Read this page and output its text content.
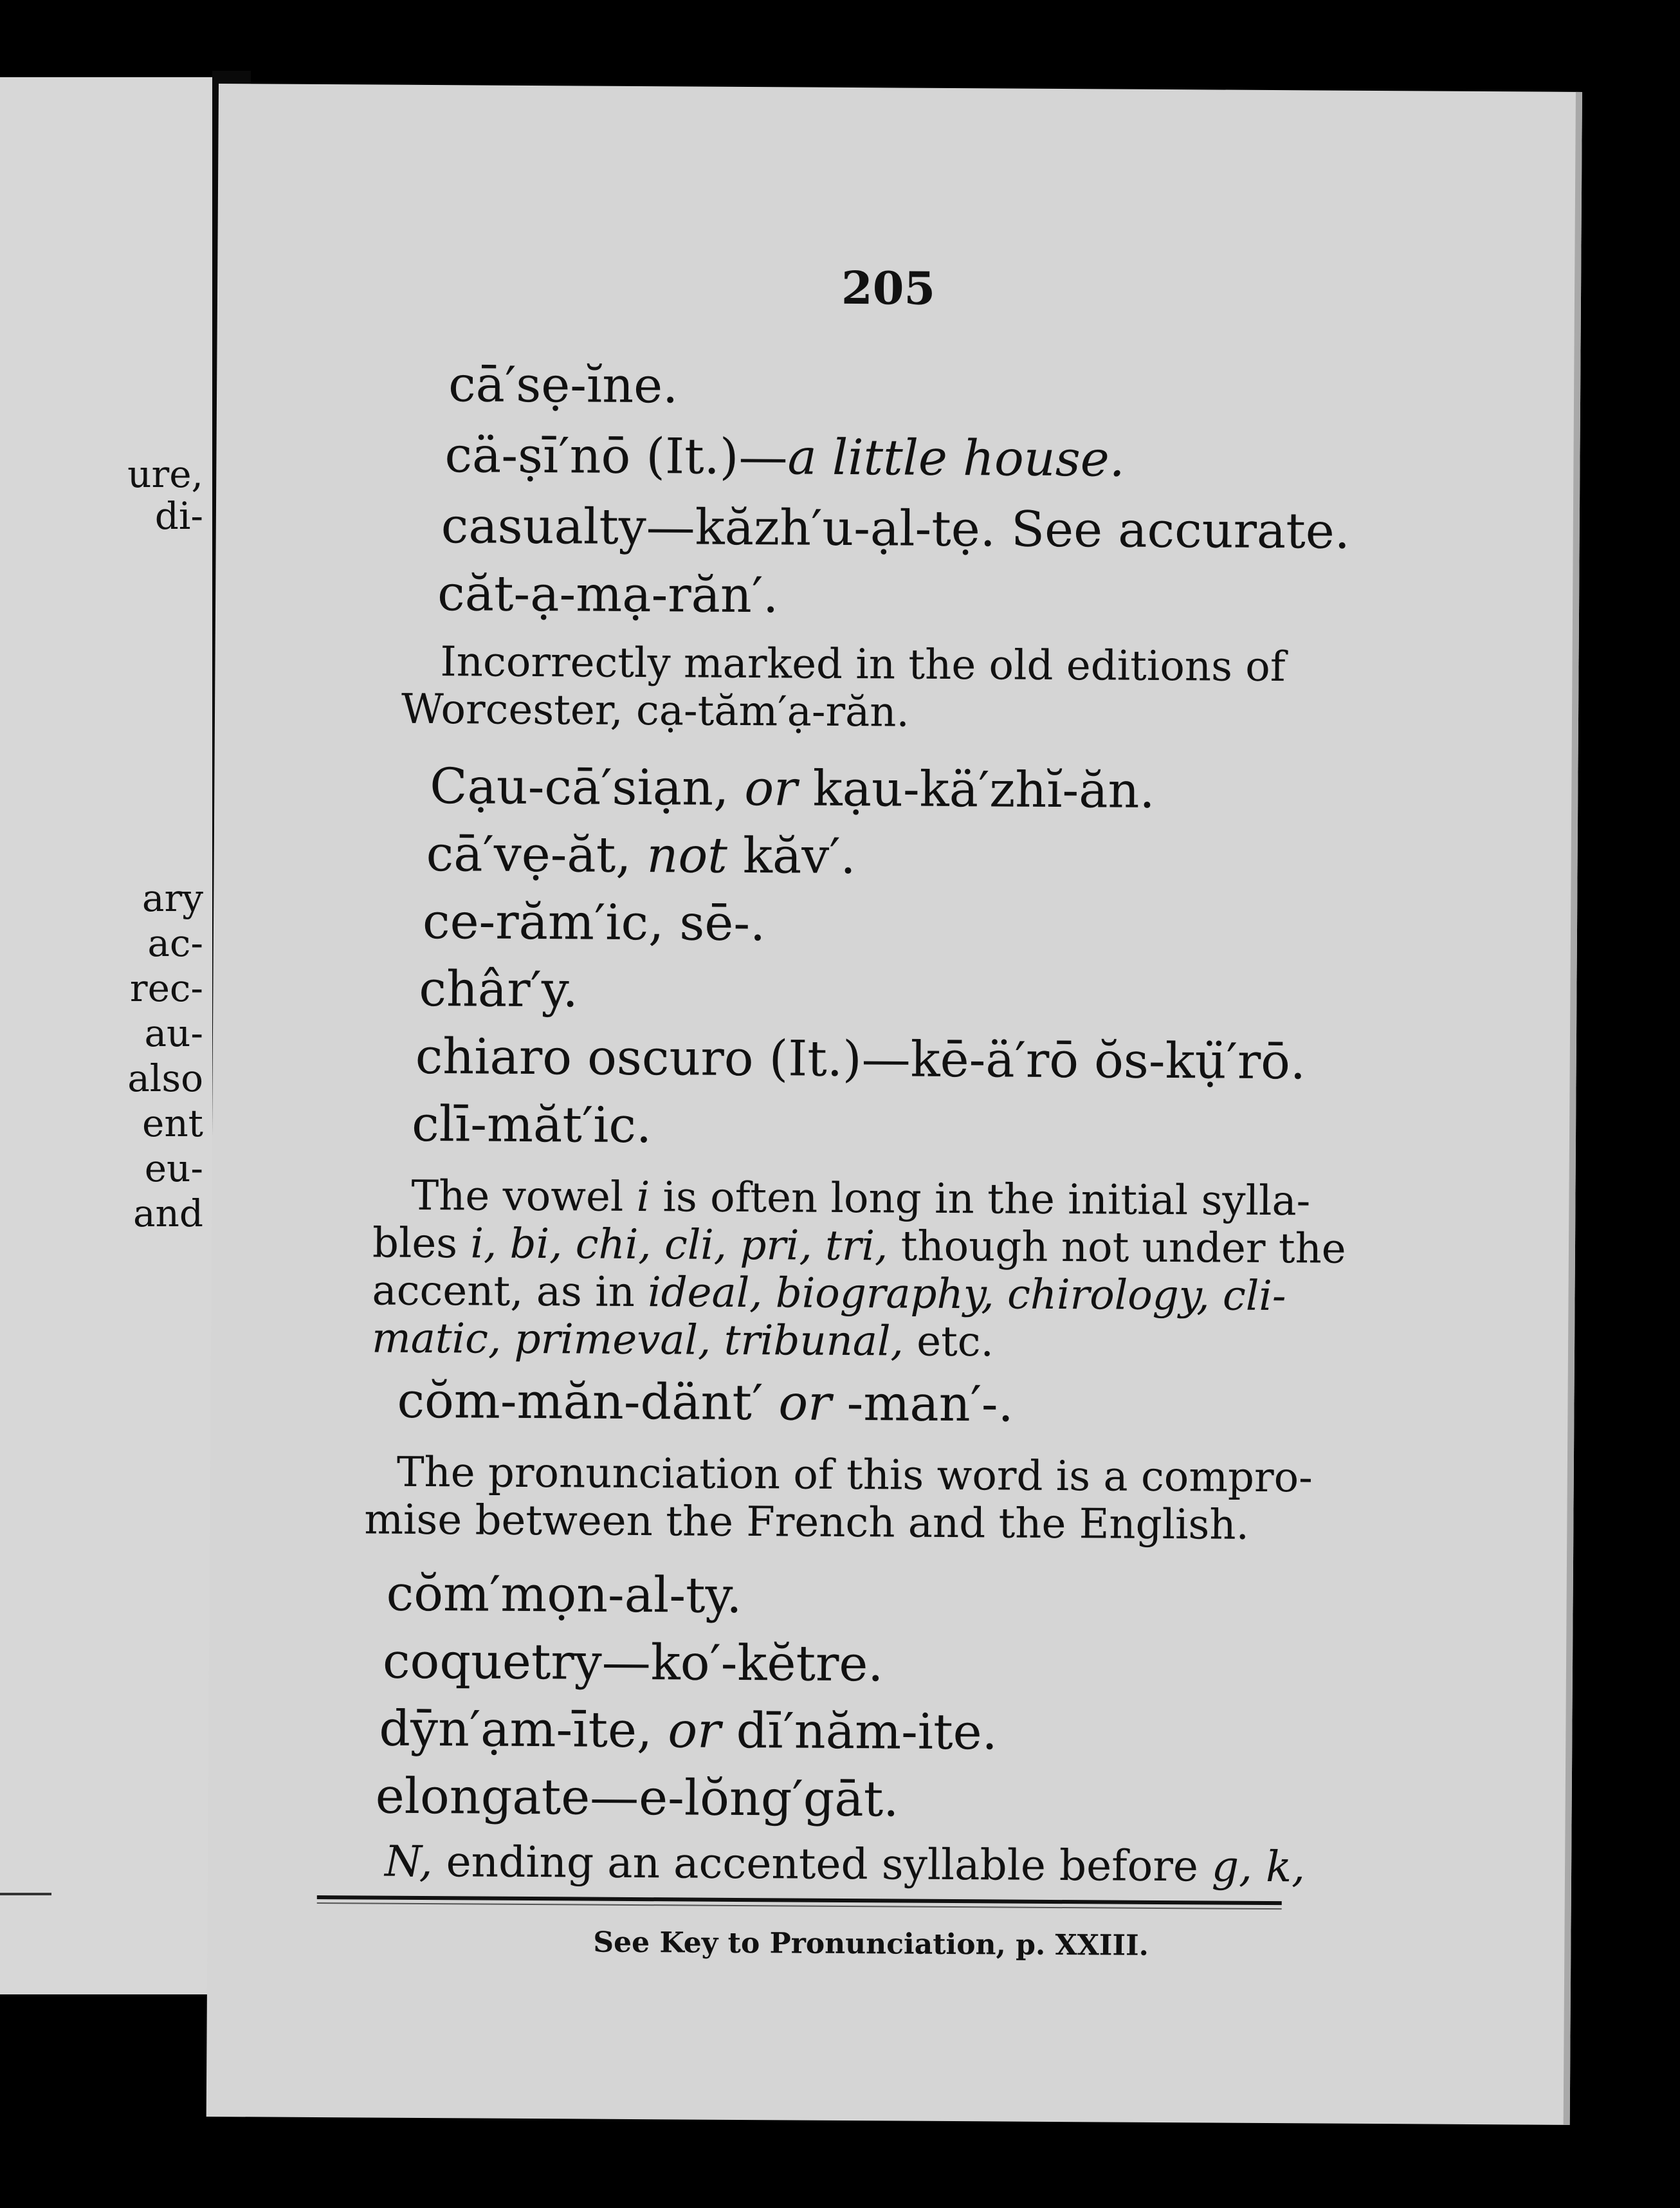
ure,

di-

ary

ac-

rec-

au-

also

ent

eu-

and

205

cā′sẹ-ĭne.

cä-ṣī′nō (It.)—a little house.

casualty—kăzh′u-ạl-tẹ. See accurate.

căt-ạ-mạ-răn′.

Incorrectly marked in the old editions of
Worcester, cạ-tăm′ạ-răn.

Cạu-cā′siạn, or kạu-kä′zhĭ-ăn.

cā′vẹ-ăt, not kăv′.

ce-răm′ic, sē-.

châr′y.

chiaro oscuro (It.)—kē-ä′rō ŏs-kụ̈′rō.

clī-măt′ic.

The vowel i is often long in the initial sylla-
bles i, bi, chi, cli, pri, tri, though not under the
accent, as in ideal, biography, chirology, cli-
matic, primeval, tribunal, etc.

cŏm-măn-dänt′ or -man′-.

The pronunciation of this word is a compro-
mise between the French and the English.

cŏm′mọn-al-ty.

coquetry—ko′-kĕtre.

dȳn′ạm-īte, or dī′năm-ite.

elongate—e-lŏng′gāt.

N, ending an accented syllable before g, k,

See Key to Pronunciation, p. XXIII.
